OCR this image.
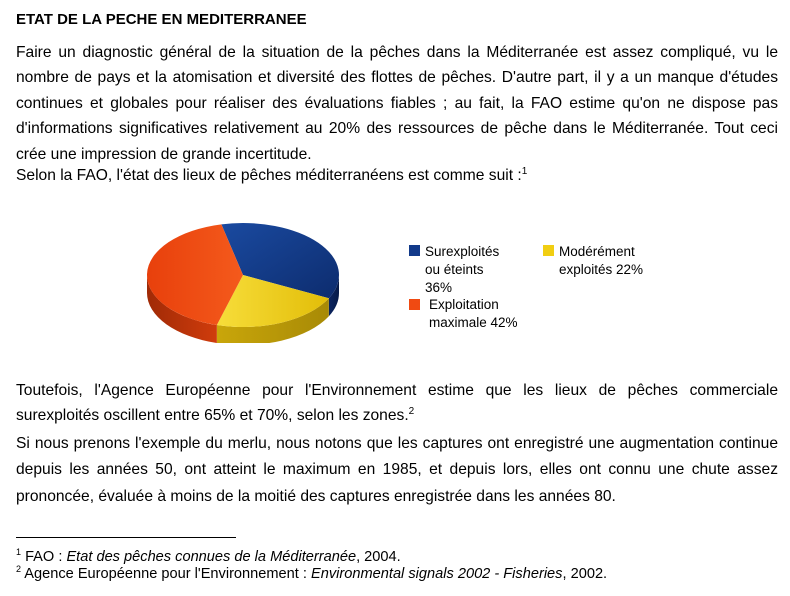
ETAT DE LA PECHE EN MEDITERRANEE
Faire un diagnostic général de la situation de la pêches dans la Méditerranée est assez compliqué, vu le nombre de pays et la atomisation et diversité des flottes de pêches. D'autre part, il y a un manque d'études continues et globales pour réaliser des évaluations fiables ; au fait, la FAO estime qu'on ne dispose pas d'informations significatives relativement au 20% des ressources de pêche dans le Méditerranée. Tout ceci crée une impression de grande incertitude.
Selon la FAO, l'état des lieux de pêches méditerranéens est comme suit :$^1$
Surexploités
ou éteints
36%
Modérément
exploités 22%
Exploitation
maximale 42%
Toutefois, l'Agence Européenne pour l'Environnement estime que les lieux de pêches commerciale surexploités oscillent entre 65% et 70%, selon les zones.$^2$
Si nous prenons l'exemple du merlu, nous notons que les captures ont enregistré une augmentation continue depuis les années 50, ont atteint le maximum en 1985, et depuis lors, elles ont connu une chute assez prononcée, évaluée à moins de la moitié des captures enregistrée dans les années 80.
$^1$ FAO : Etat des pêches connues de la Méditerranée, 2004.
$^2$ Agence Européenne pour l'Environnement : Environmental signals 2002 - Fisheries, 2002.
